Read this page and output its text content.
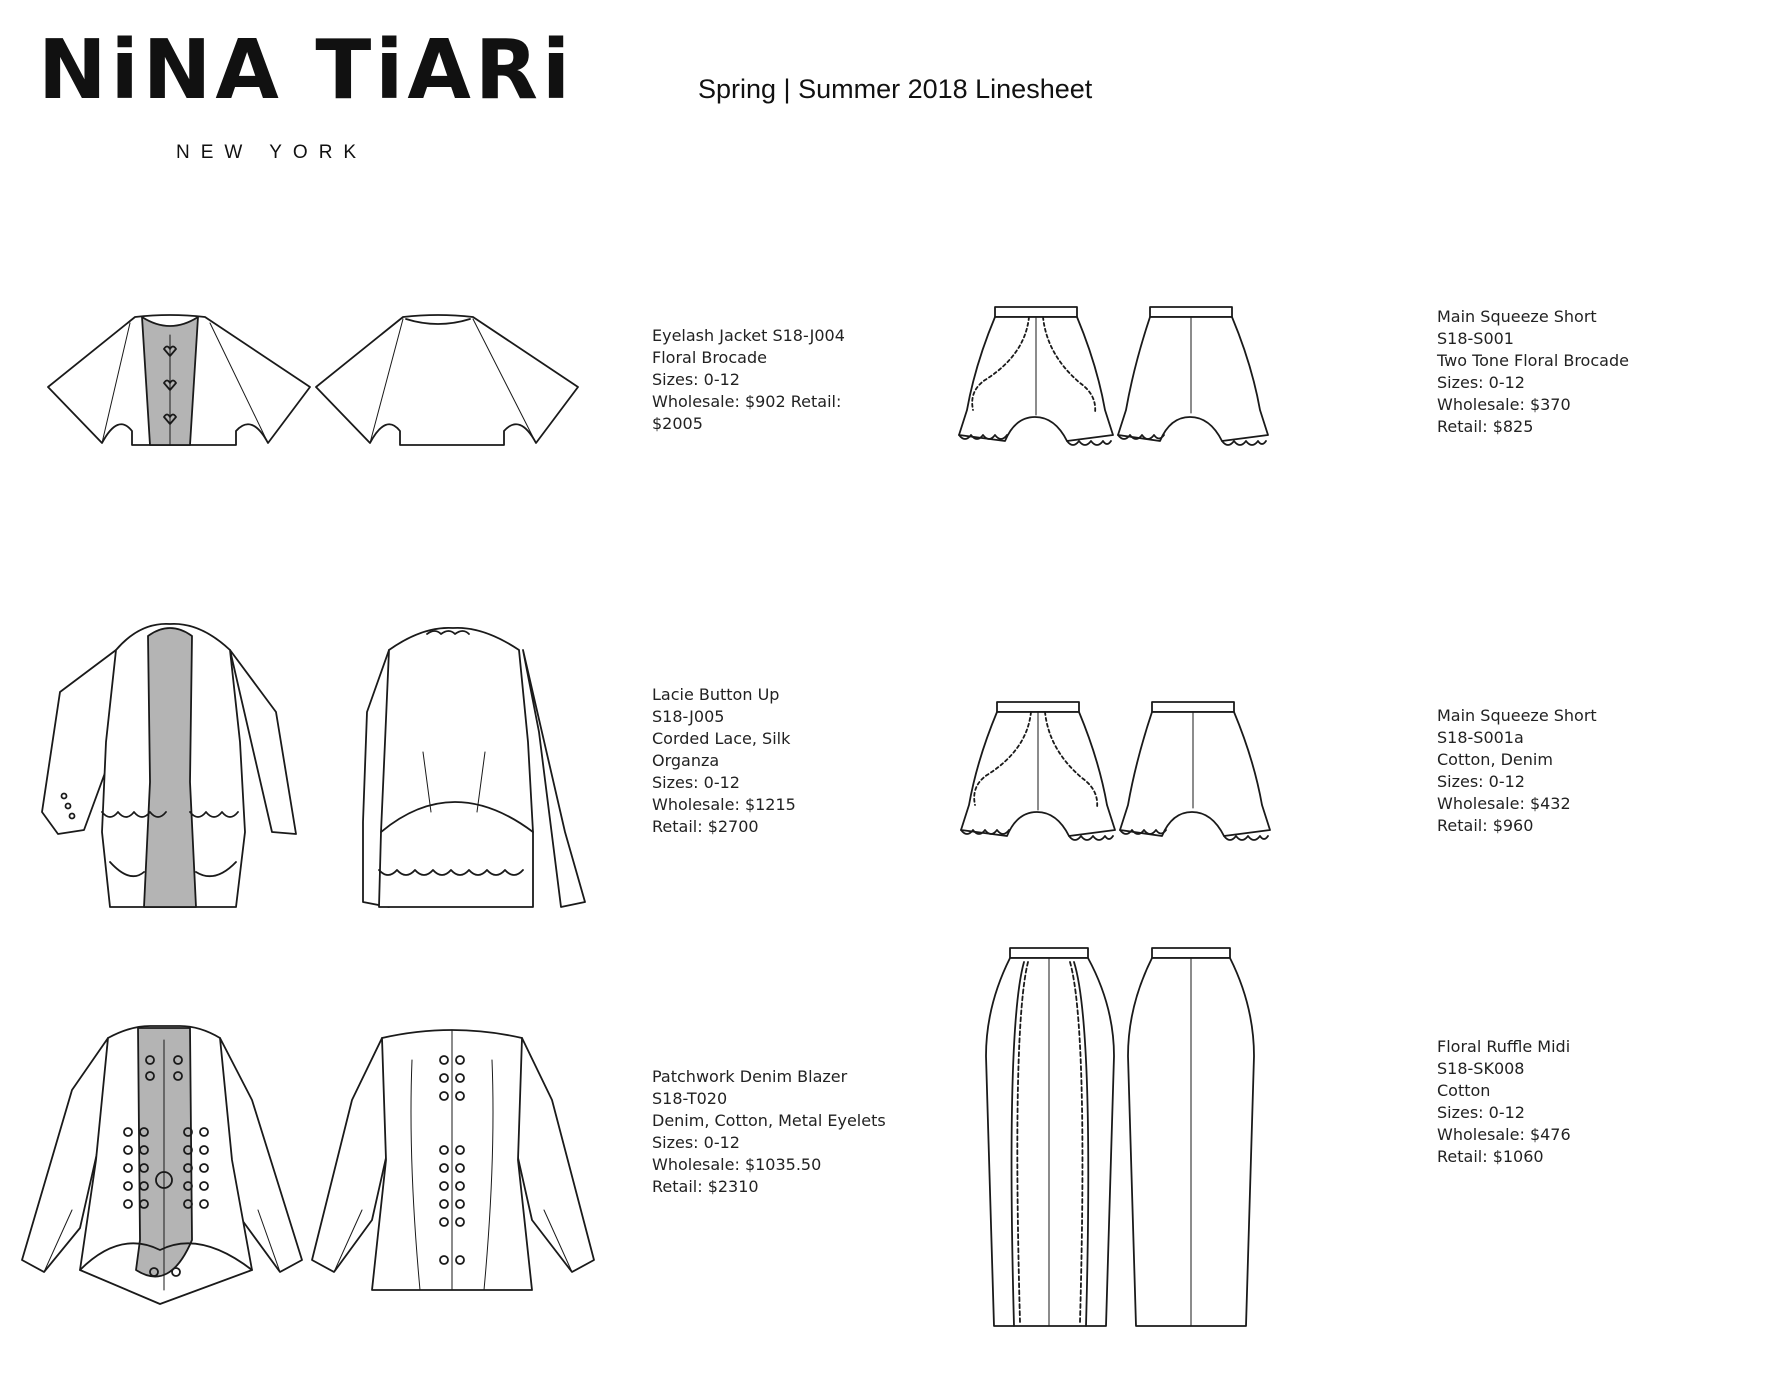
NiNA TiARi
NEW YORK
Spring | Summer 2018 Linesheet
Eyelash Jacket S18-J004
Floral Brocade
Sizes: 0-12
Wholesale: $902 Retail:
$2005
Main Squeeze Short
S18-S001
Two Tone Floral Brocade
Sizes: 0-12
Wholesale: $370
Retail: $825
Lacie Button Up
S18-J005
Corded Lace, Silk
Organza
Sizes: 0-12
Wholesale: $1215
Retail: $2700
Main Squeeze Short
S18-S001a
Cotton, Denim
Sizes: 0-12
Wholesale: $432
Retail: $960
Patchwork Denim Blazer
S18-T020
Denim, Cotton, Metal Eyelets
Sizes: 0-12
Wholesale: $1035.50
Retail: $2310
Floral Ruffle Midi
S18-SK008
Cotton
Sizes: 0-12
Wholesale: $476
Retail: $1060
